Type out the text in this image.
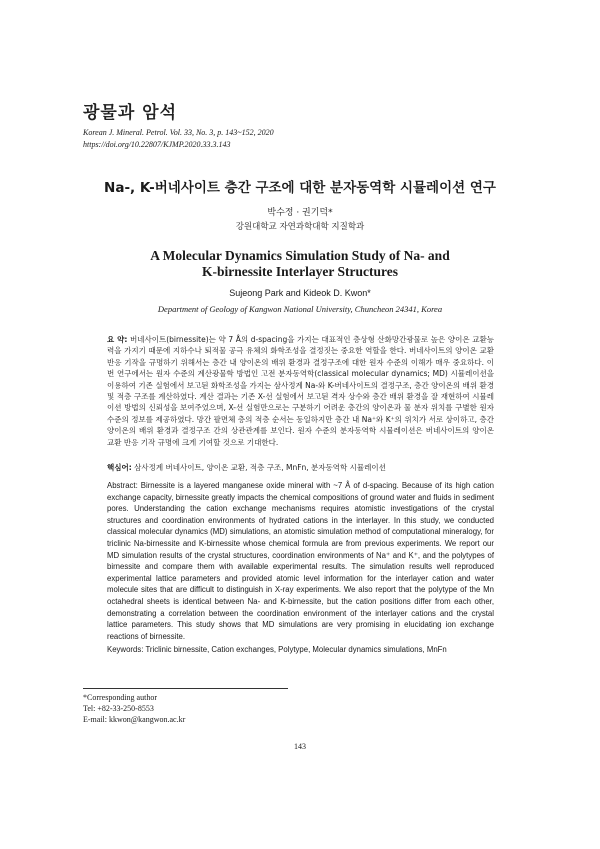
광물과 암석
Korean J. Mineral. Petrol. Vol. 33, No. 3, p. 143~152, 2020
https://doi.org/10.22807/KJMP.2020.33.3.143
Na-, K-버네사이트 층간 구조에 대한 분자동역학 시뮬레이션 연구
박수정 · 권기덕*
강원대학교 자연과학대학 지질학과
A Molecular Dynamics Simulation Study of Na- and
K-birnessite Interlayer Structures
Sujeong Park and Kideok D. Kwon*
Department of Geology of Kangwon National University, Chuncheon 24341, Korea
요 약: 버네사이트(birnessite)는 약 7 Å의 d-spacing을 가지는 대표적인 층상형 산화망간광물로 높은 양이온 교환능력을 가지기 때문에 지하수나 퇴적물 공극 유체의 화학조성을 결정짓는 중요한 역할을 한다. 버네사이트의 양이온 교환 반응 기작을 규명하기 위해서는 층간 내 양이온의 배위 환경과 결정구조에 대한 원자 수준의 이해가 매우 중요하다. 이번 연구에서는 원자 수준의 계산광물학 방법인 고전 분자동역학(classical molecular dynamics; MD) 시뮬레이션을 이용하여 기존 실험에서 보고된 화학조성을 가지는 삼사정계 Na-와 K-버네사이트의 결정구조, 층간 양이온의 배위 환경 및 적층 구조를 계산하였다. 계산 결과는 기존 X-선 실험에서 보고된 격자 상수와 층간 배위 환경을 잘 재현하여 시뮬레이션 방법의 신뢰성을 보여주었으며, X-선 실험만으로는 구분하기 어려운 층간의 양이온과 물 분자 위치를 구별한 원자 수준의 정보를 제공하였다. 망간 팔면체 층의 적층 순서는 동일하지만 층간 내 Na⁺와 K⁺의 위치가 서로 상이하고, 층간 양이온의 배위 환경과 결정구조 간의 상관관계를 보인다. 원자 수준의 분자동역학 시뮬레이션은 버네사이트의 양이온 교환 반응 기작 규명에 크게 기여할 것으로 기대한다.
핵심어: 삼사정계 버네사이트, 양이온 교환, 적층 구조, MnFn, 분자동역학 시뮬레이션
Abstract: Birnessite is a layered manganese oxide mineral with ~7 Å of d-spacing. Because of its high cation exchange capacity, birnessite greatly impacts the chemical compositions of ground water and fluids in sediment pores. Understanding the cation exchange mechanisms requires atomistic investigations of the crystal structures and coordination environments of hydrated cations in the interlayer. In this study, we conducted classical molecular dynamics (MD) simulations, an atomistic simulation method of computational mineralogy, for triclinic Na-birnessite and K-birnessite whose chemical formula are from previous experiments. We report our MD simulation results of the crystal structures, coordination environments of Na⁺ and K⁺, and the polytypes of birnessite and compare them with available experimental results. The simulation results well reproduced experimental lattice parameters and provided atomic level information for the interlayer cation and water molecule sites that are difficult to distinguish in X-ray experiments. We also report that the polytype of the Mn octahedral sheets is identical between Na- and K-birnessite, but the cation positions differ from each other, demonstrating a correlation between the coordination environment of the interlayer cations and the crystal lattice parameters. This study shows that MD simulations are very promising in elucidating ion exchange reactions of birnessite.
Keywords: Triclinic birnessite, Cation exchanges, Polytype, Molecular dynamics simulations, MnFn
*Corresponding author
Tel: +82-33-250-8553
E-mail: kkwon@kangwon.ac.kr
143
